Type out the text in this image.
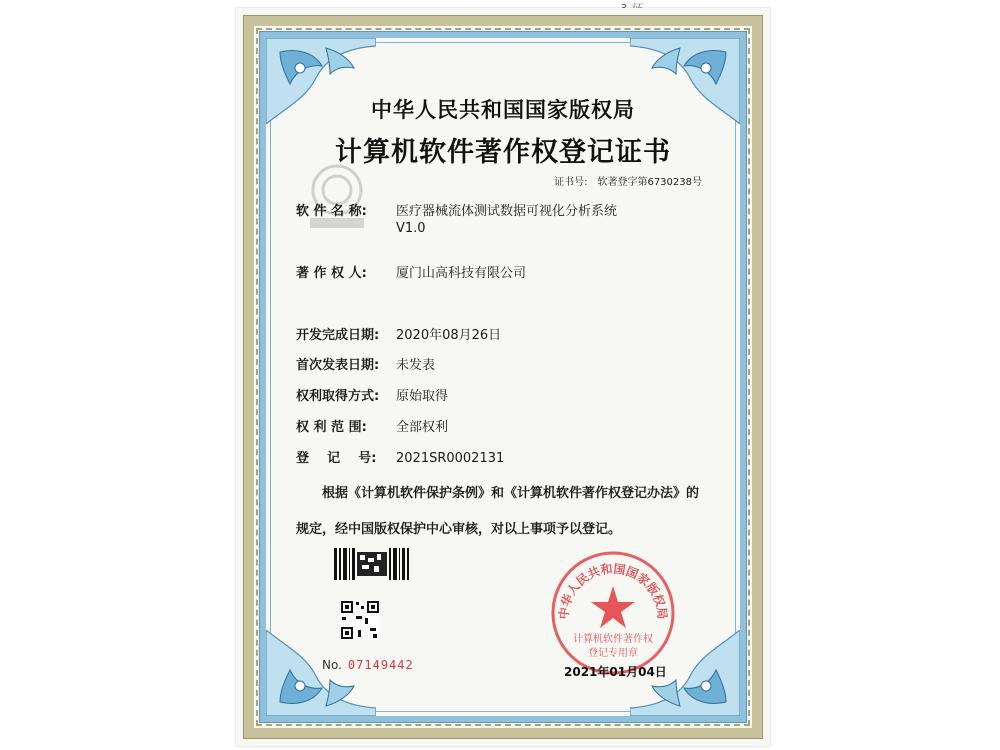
中华人民共和国国家版权局
计算机软件著作权登记证书
证书号: 软著登字第6730238号
软 件 名 称: 医疗器械流体测试数据可视化分析系统
V1.0
著 作 权 人: 厦门山高科技有限公司
开发完成日期: 2020年08月26日
首次发表日期: 未发表
权利取得方式: 原始取得
权 利 范 围: 全部权利
登    记    号: 2021SR0002131
根据《计算机软件保护条例》和《计算机软件著作权登记办法》的
规定，经中国版权保护中心审核，对以上事项予以登记。
No. 07149442
中华人民共和国国家版权局
计算机软件著作权
登记专用章
2021年01月04日
